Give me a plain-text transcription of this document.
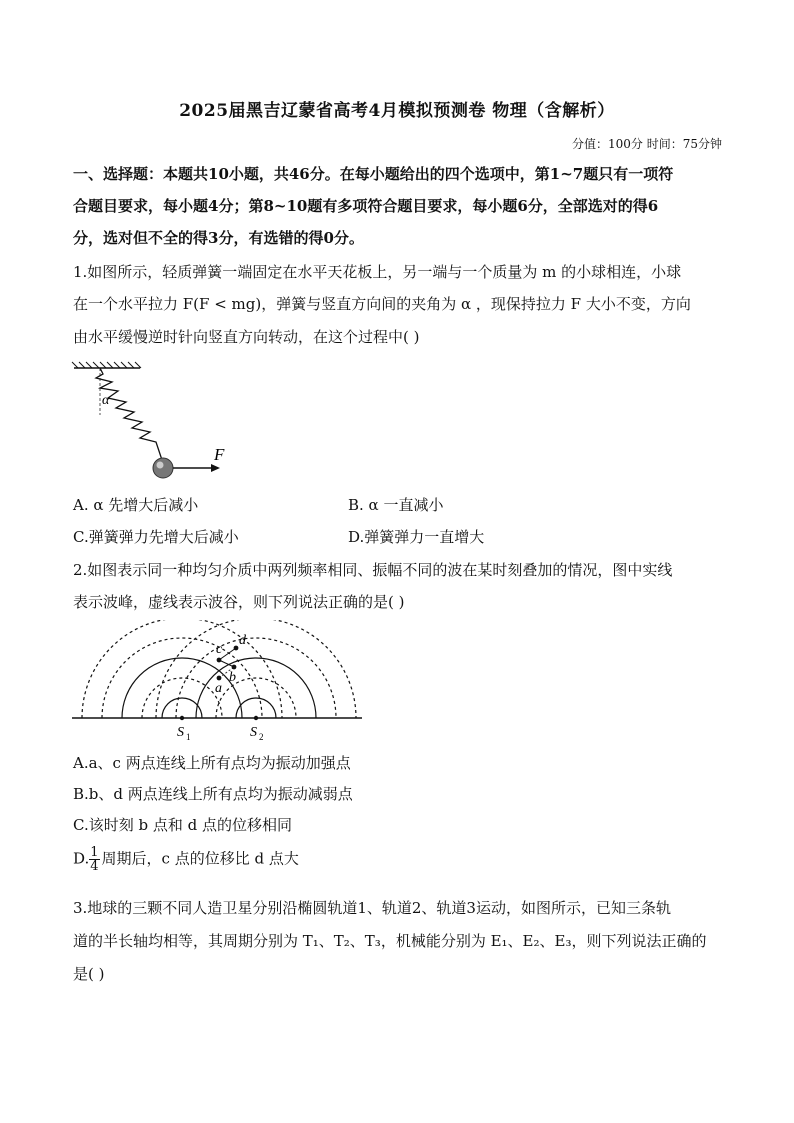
2025届黑吉辽蒙省高考4月模拟预测卷 物理（含解析）
分值：100分 时间：75分钟
一、选择题：本题共10小题，共46分。在每小题给出的四个选项中，第1~7题只有一项符
合题目要求，每小题4分；第8~10题有多项符合题目要求，每小题6分，全部选对的得6
分，选对但不全的得3分，有选错的得0分。
1.如图所示，轻质弹簧一端固定在水平天花板上，另一端与一个质量为 m 的小球相连，小球
在一个水平拉力 F(F < mg)，弹簧与竖直方向间的夹角为 α ，现保持拉力 F 大小不变，方向
由水平缓慢逆时针向竖直方向转动，在这个过程中( )
α
F
A. α 先增大后减小	B. α 一直减小
C.弹簧弹力先增大后减小	D.弹簧弹力一直增大
2.如图表示同一种均匀介质中两列频率相同、振幅不同的波在某时刻叠加的情况，图中实线
表示波峰，虚线表示波谷，则下列说法正确的是( )
c
d
b
a
S 1	S 2
A.a、c 两点连线上所有点均为振动加强点
B.b、d 两点连线上所有点均为振动减弱点
C.该时刻 b 点和 d 点的位移相同
D. $\frac{1}{4}$ 周期后，c 点的位移比 d 点大
3.地球的三颗不同人造卫星分别沿椭圆轨道1、轨道2、轨道3运动，如图所示，已知三条轨
道的半长轴均相等，其周期分别为 T₁、T₂、T₃，机械能分别为 E₁、E₂、E₃，则下列说法正确的
是( )
